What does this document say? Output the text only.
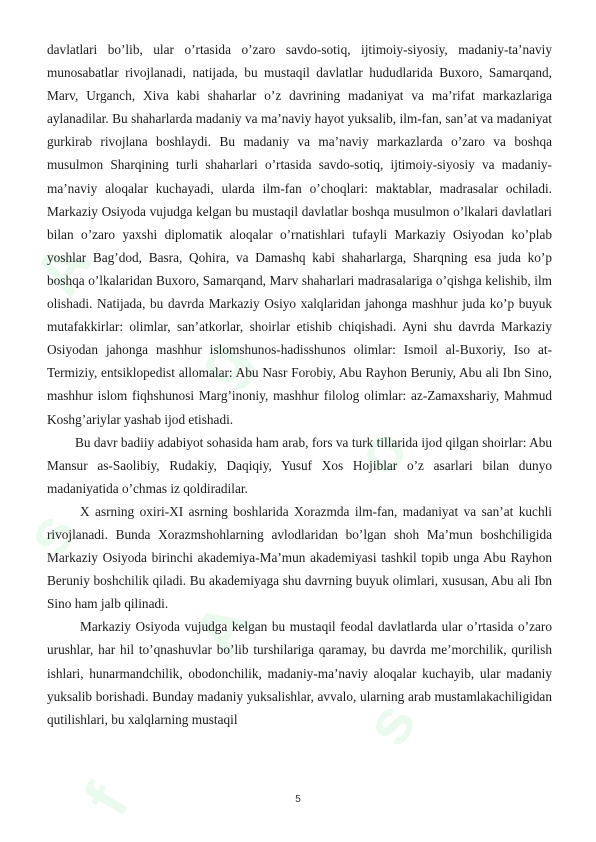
A
g
o
s
A
s
f

davlatlari bo’lib, ular o’rtasida o’zaro savdo-sotiq, ijtimoiy-siyosiy, madaniy-ta’naviy munosabatlar rivojlanadi, natijada, bu mustaqil davlatlar hududlarida Buxoro, Samarqand, Marv, Urganch, Xiva kabi shaharlar o’z davrining madaniyat va ma’rifat markazlariga aylanadilar. Bu shaharlarda madaniy va ma’naviy hayot yuksalib, ilm-fan, san’at va madaniyat gurkirab rivojlana boshlaydi. Bu madaniy va ma’naviy markazlarda o’zaro va boshqa musulmon Sharqining turli shaharlari o’rtasida savdo-sotiq, ijtimoiy-siyosiy va madaniy-ma’naviy aloqalar kuchayadi, ularda ilm-fan o’choqlari: maktablar, madrasalar ochiladi. Markaziy Osiyoda vujudga kelgan bu mustaqil davlatlar boshqa musulmon o’lkalari davlatlari bilan o’zaro yaxshi diplomatik aloqalar o’rnatishlari tufayli Markaziy Osiyodan ko’plab yoshlar Bag’dod, Basra, Qohira, va Damashq kabi shaharlarga, Sharqning esa juda ko’p boshqa o’lkalaridan Buxoro, Samarqand, Marv shaharlari madrasalariga o’qishga kelishib, ilm olishadi. Natijada, bu davrda Markaziy Osiyo xalqlaridan jahonga mashhur juda ko’p buyuk mutafakkirlar: olimlar, san’atkorlar, shoirlar etishib chiqishadi. Ayni shu davrda Markaziy Osiyodan jahonga mashhur islomshunos-hadisshunos olimlar: Ismoil al-Buxoriy, Iso at-Termiziy, entsiklopedist allomalar: Abu Nasr Forobiy, Abu Rayhon Beruniy, Abu ali Ibn Sino, mashhur islom fiqhshunosi Marg’inoniy, mashhur filolog olimlar: az-Zamaxshariy, Mahmud Koshg’ariylar yashab ijod etishadi.

Bu davr badiiy adabiyot sohasida ham arab, fors va turk tillarida ijod qilgan shoirlar: Abu Mansur as-Saolibiy, Rudakiy, Daqiqiy, Yusuf Xos Hojiblar o’z asarlari bilan dunyo madaniyatida o’chmas iz qoldiradilar.

X asrning oxiri-XI asrning boshlarida Xorazmda ilm-fan, madaniyat va san’at kuchli rivojlanadi. Bunda Xorazmshohlarning avlodlaridan bo’lgan shoh Ma’mun boshchiligida Markaziy Osiyoda birinchi akademiya-Ma’mun akademiyasi tashkil topib unga Abu Rayhon Beruniy boshchilik qiladi. Bu akademiyaga shu davrning buyuk olimlari, xususan, Abu ali Ibn Sino ham jalb qilinadi.

Markaziy Osiyoda vujudga kelgan bu mustaqil feodal davlatlarda ular o’rtasida o’zaro urushlar, har hil to’qnashuvlar bo’lib turshilariga qaramay, bu davrda me’morchilik, qurilish ishlari, hunarmandchilik, obodonchilik, madaniy-ma’naviy aloqalar kuchayib, ular madaniy yuksalib borishadi. Bunday madaniy yuksalishlar, avvalo, ularning arab mustamlakachiligidan qutilishlari, bu xalqlarning mustaqil

5
